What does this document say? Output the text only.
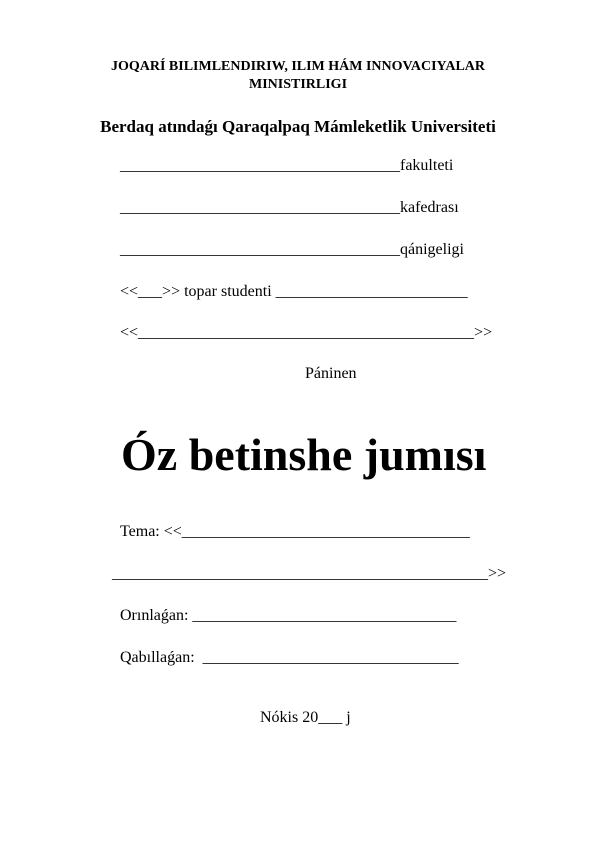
JOQARÍ BILIMLENDIRIW, ILIM HÁM INNOVACIYALAR
MINISTIRLIGI
Berdaq atındaǵı Qaraqalpaq Mámleketlik Universiteti
___________________________________fakulteti
___________________________________kafedrası
___________________________________qánigeligi
<<___>> topar studenti ________________________
<<__________________________________________>>
Páninen
Óz betinshe jumısı
Tema: <<____________________________________
_______________________________________________>>
Orınlaǵan: _________________________________
Qabıllaǵan:  ________________________________
Nókis 20___ j
